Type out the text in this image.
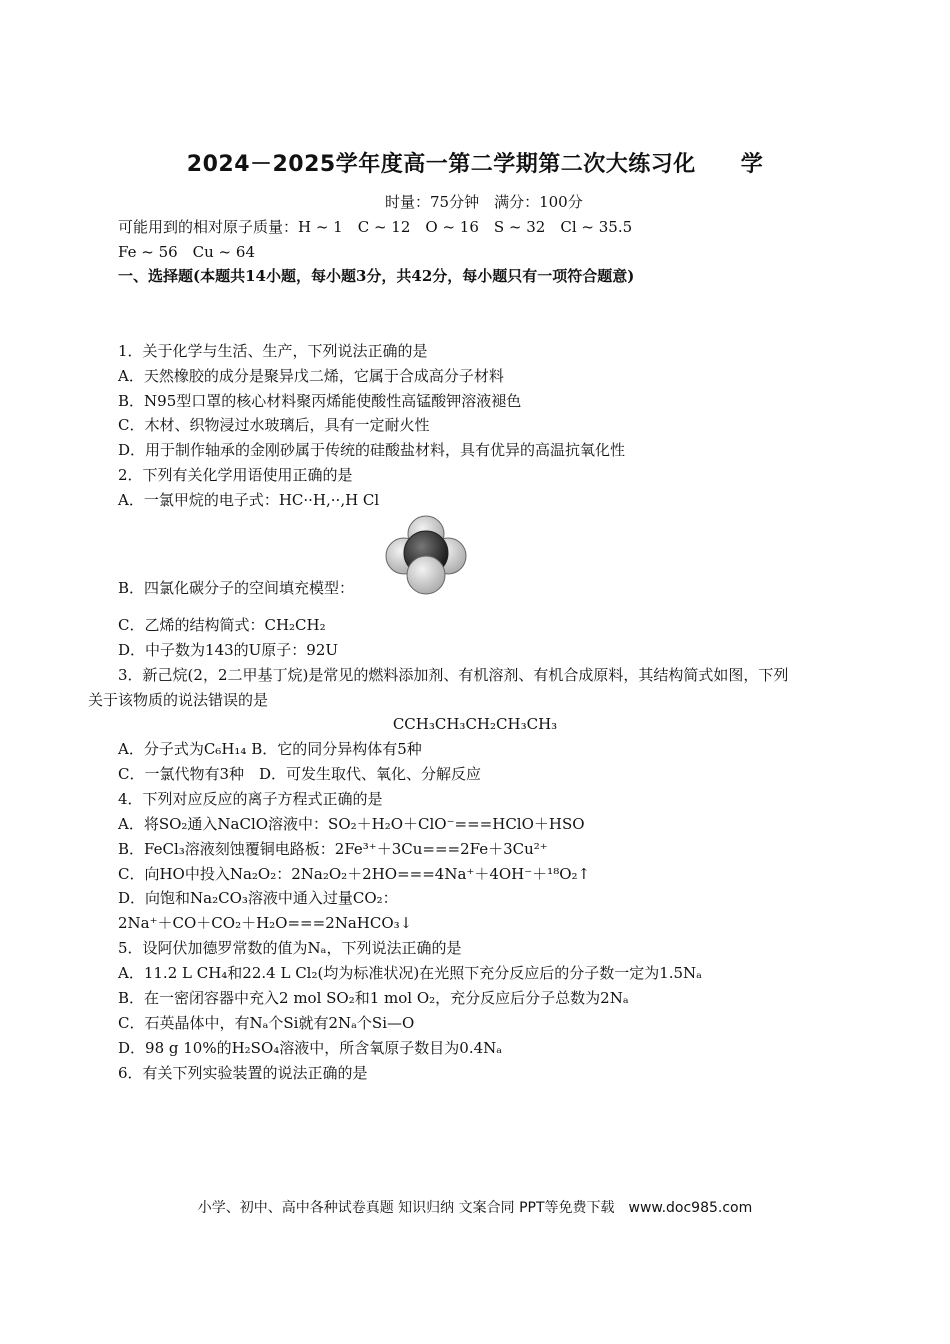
2024－2025学年度高一第二学期第二次大练习化　　学
时量：75分钟　满分：100分
可能用到的相对原子质量：H ~ 1　C ~ 12　O ~ 16　S ~ 32　Cl ~ 35.5
Fe ~ 56　Cu ~ 64
一、选择题(本题共14小题，每小题3分，共42分，每小题只有一项符合题意)
1．关于化学与生活、生产，下列说法正确的是
A．天然橡胶的成分是聚异戊二烯，它属于合成高分子材料
B．N95型口罩的核心材料聚丙烯能使酸性高锰酸钾溶液褪色
C．木材、织物浸过水玻璃后，具有一定耐火性
D．用于制作轴承的金刚砂属于传统的硅酸盐材料，具有优异的高温抗氧化性
2．下列有关化学用语使用正确的是
A．一氯甲烷的电子式：HC··H,··,H Cl
B．四氯化碳分子的空间填充模型：
C．乙烯的结构简式：CH₂CH₂
D．中子数为143的U原子：92U
3．新己烷(2，2二甲基丁烷)是常见的燃料添加剂、有机溶剂、有机合成原料，其结构简式如图，下列
关于该物质的说法错误的是
CCH₃CH₃CH₂CH₃CH₃
A．分子式为C₆H₁₄ B．它的同分异构体有5种
C．一氯代物有3种　D．可发生取代、氧化、分解反应
4．下列对应反应的离子方程式正确的是
A．将SO₂通入NaClO溶液中：SO₂＋H₂O＋ClO⁻===HClO＋HSO
B．FeCl₃溶液刻蚀覆铜电路板：2Fe³⁺＋3Cu===2Fe＋3Cu²⁺
C．向HO中投入Na₂O₂：2Na₂O₂＋2HO===4Na⁺＋4OH⁻＋¹⁸O₂↑
D．向饱和Na₂CO₃溶液中通入过量CO₂：
2Na⁺＋CO＋CO₂＋H₂O===2NaHCO₃↓
5．设阿伏加德罗常数的值为Nₐ，下列说法正确的是
A．11.2 L CH₄和22.4 L Cl₂(均为标准状况)在光照下充分反应后的分子数一定为1.5Nₐ
B．在一密闭容器中充入2 mol SO₂和1 mol O₂，充分反应后分子总数为2Nₐ
C．石英晶体中，有Nₐ个Si就有2Nₐ个Si—O
D．98 g 10%的H₂SO₄溶液中，所含氧原子数目为0.4Nₐ
6．有关下列实验装置的说法正确的是
小学、初中、高中各种试卷真题 知识归纳 文案合同 PPT等免费下载　www.doc985.com
